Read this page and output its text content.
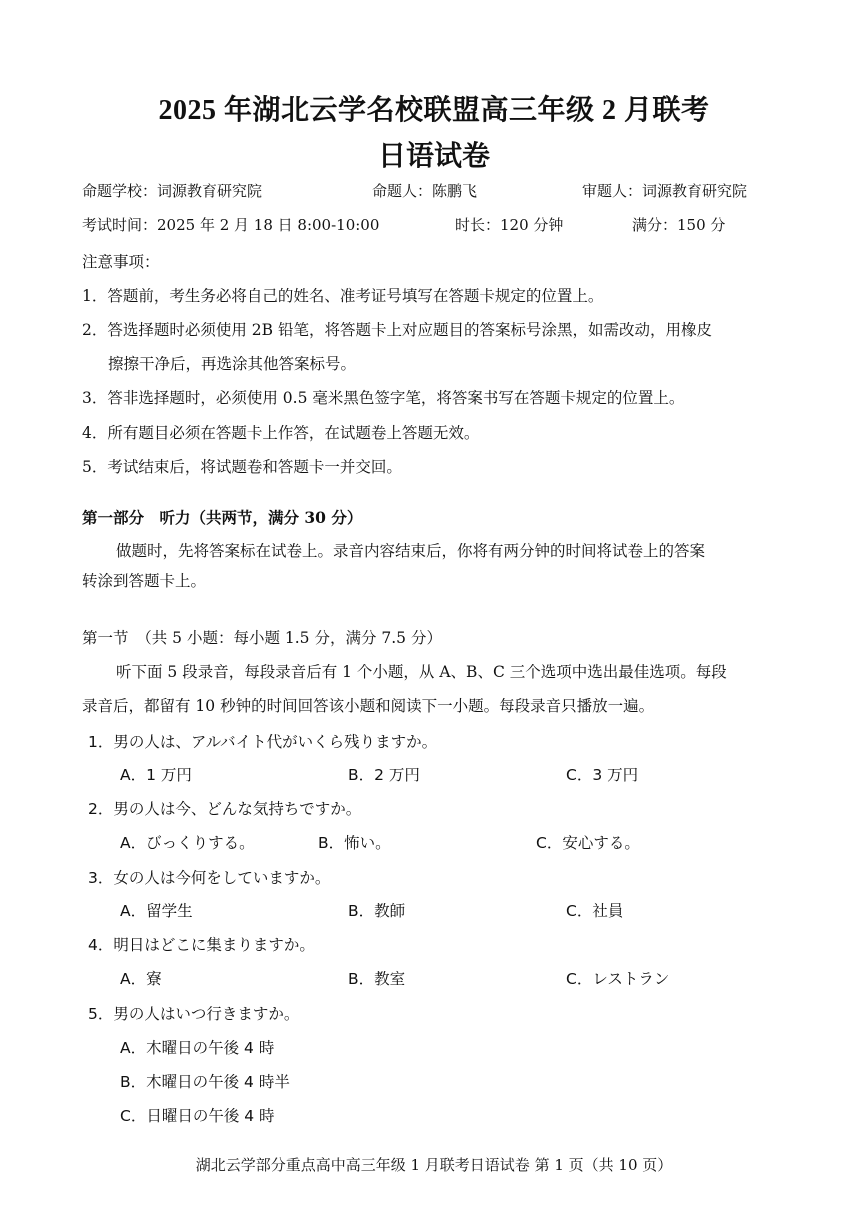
2025 年湖北云学名校联盟高三年级 2 月联考
日语试卷
命题学校：词源教育研究院	命题人：陈鹏飞	审题人：词源教育研究院
考试时间：2025 年 2 月 18 日 8:00-10:00	时长：120 分钟	满分：150 分
注意事项：
1．答题前，考生务必将自己的姓名、准考证号填写在答题卡规定的位置上。
2．答选择题时必须使用 2B 铅笔，将答题卡上对应题目的答案标号涂黑，如需改动，用橡皮
擦擦干净后，再选涂其他答案标号。
3．答非选择题时，必须使用 0.5 毫米黑色签字笔，将答案书写在答题卡规定的位置上。
4．所有题目必须在答题卡上作答，在试题卷上答题无效。
5．考试结束后，将试题卷和答题卡一并交回。
第一部分　听力（共两节，满分 30 分）
做题时，先将答案标在试卷上。录音内容结束后，你将有两分钟的时间将试卷上的答案
转涂到答题卡上。
第一节　（共 5 小题：每小题 1.5 分，满分 7.5 分）
听下面 5 段录音，每段录音后有 1 个小题，从 A、B、C 三个选项中选出最佳选项。每段
录音后，都留有 10 秒钟的时间回答该小题和阅读下一小题。每段录音只播放一遍。
1．男の人は、アルバイト代がいくら残りますか。
A．1 万円	B．2 万円	C．3 万円
2．男の人は今、どんな気持ちですか。
A．びっくりする。	B．怖い。	C．安心する。
3．女の人は今何をしていますか。
A．留学生	B．教師	C．社員
4．明日はどこに集まりますか。
A．寮	B．教室	C．レストラン
5．男の人はいつ行きますか。
A．木曜日の午後 4 時
B．木曜日の午後 4 時半
C．日曜日の午後 4 時
湖北云学部分重点高中高三年级 1 月联考日语试卷 第 1 页（共 10 页）
